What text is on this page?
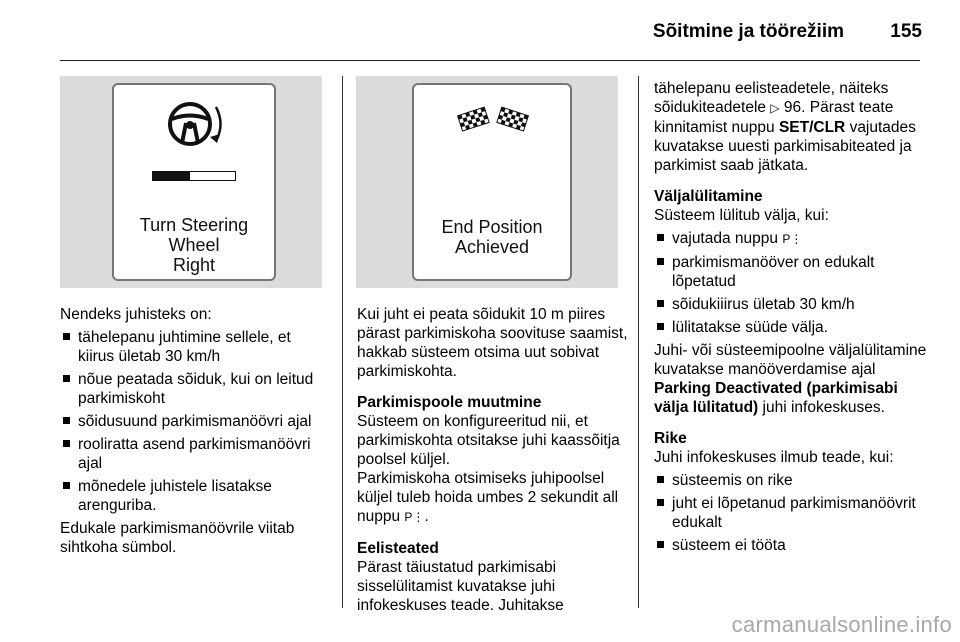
Sõitmine ja töörežiim 155
Turn Steering
Wheel
Right
End Position
Achieved

Nendeks juhisteks on:

tähelepanu juhtimine sellele, et kiirus ületab 30 km/h
nõue peatada sõiduk, kui on leitud parkimiskoht
sõidusuund parkimismanöövri ajal
rooliratta asend parkimismanöövri ajal
mõnedele juhistele lisatakse arenguriba.

Edukale parkimismanöövrile viitab sihtkoha sümbol.

Kui juht ei peata sõidukit 10 m piires pärast parkimiskoha soovituse saamist, hakkab süsteem otsima uut sobivat parkimiskohta.

Parkimispoole muutmine

Süsteem on konfigureeritud nii, et parkimiskohta otsitakse juhi kaassõitja poolsel küljel.

Parkimiskoha otsimiseks juhipoolsel küljel tuleb hoida umbes 2 sekundit all nuppu P⋮.

Eelisteated

Pärast täiustatud parkimisabi sisselülitamist kuvatakse juhi infokeskuses teade. Juhitakse

tähelepanu eelisteadetele, näiteks sõidukiteadetele ▷ 96. Pärast teate kinnitamist nuppu SET/CLR vajutades kuvatakse uuesti parkimisabiteated ja parkimist saab jätkata.

Väljalülitamine

Süsteem lülitub välja, kui:

vajutada nuppu P⋮
parkimismanööver on edukalt lõpetatud
sõidukiiirus ületab 30 km/h
lülitatakse süüde välja.

Juhi- või süsteemipoolne väljalülitamine kuvatakse manööverdamise ajal Parking Deactivated (parkimisabi välja lülitatud) juhi infokeskuses.

Rike

Juhi infokeskuses ilmub teade, kui:

süsteemis on rike
juht ei lõpetanud parkimismanöövrit edukalt
süsteem ei tööta
carmanualsonline.info
